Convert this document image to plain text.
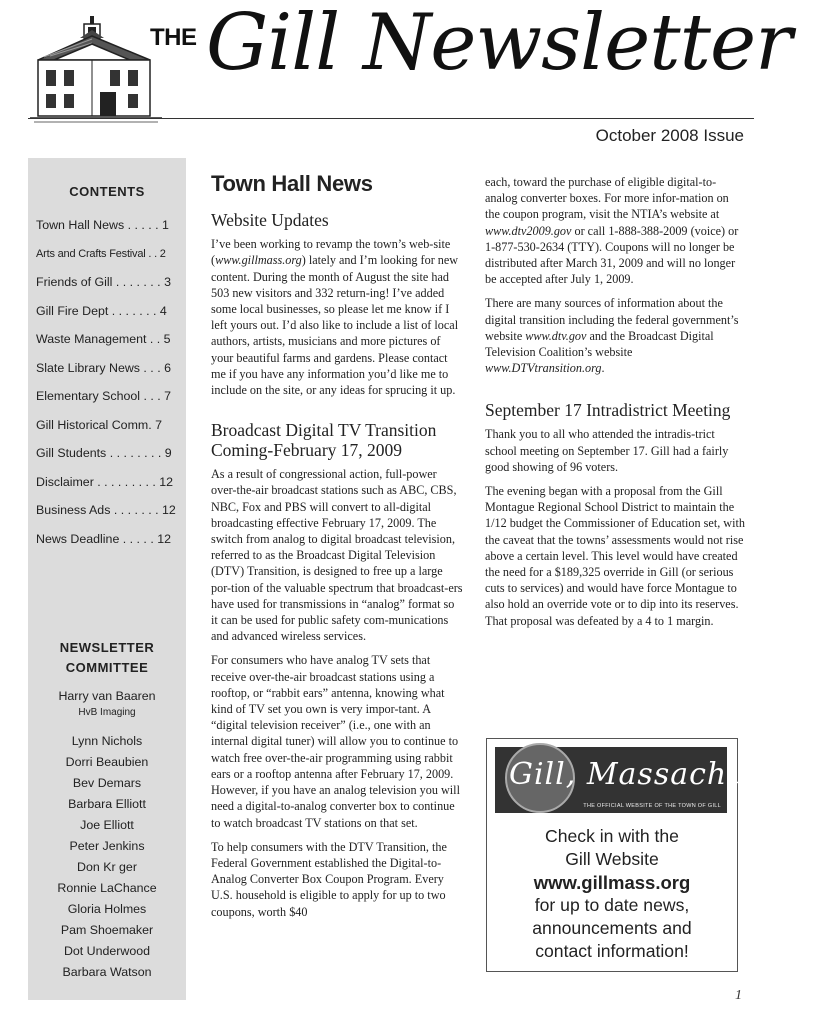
THE Gill Newsletter
October 2008 Issue
CONTENTS
Town Hall News . . . . . 1
Arts and Crafts Festival . . 2
Friends of Gill . . . . . . . 3
Gill Fire Dept . . . . . . . 4
Waste Management . . 5
Slate Library News . . . 6
Elementary School . . . 7
Gill Historical Comm. 7
Gill Students . . . . . . . . 9
Disclaimer . . . . . . . . . 12
Business Ads . . . . . . . 12
News Deadline . . . . . 12
NEWSLETTER
COMMITTEE
Harry van Baaren
HvB Imaging
Lynn Nichols
Dorri Beaubien
Bev Demars
Barbara Elliott
Joe Elliott
Peter Jenkins
Don Kr ger
Ronnie LaChance
Gloria Holmes
Pam Shoemaker
Dot Underwood
Barbara Watson
Town Hall News
Website Updates

I’ve been working to revamp the town’s web-site (www.gillmass.org) lately and I’m looking for new content. During the month of August the site had 503 new visitors and 332 return-ing! I’ve added some local businesses, so please let me know if I left yours out. I’d also like to include a list of local authors, artists, musicians and more pictures of your beautiful farms and gardens. Please contact me if you have any information you’d like me to include on the site, or any ideas for sprucing it up.

Broadcast Digital TV Transition Coming-February 17, 2009

As a result of congressional action, full-power over-the-air broadcast stations such as ABC, CBS, NBC, Fox and PBS will convert to all-digital broadcasting effective February 17, 2009. The switch from analog to digital broadcast television, referred to as the Broadcast Digital Television (DTV) Transition, is designed to free up a large por-tion of the valuable spectrum that broadcast-ers have used for transmissions in “analog” format so it can be used for public safety com-munications and advanced wireless services.

For consumers who have analog TV sets that receive over-the-air broadcast stations using a rooftop, or “rabbit ears” antenna, knowing what kind of TV set you own is very impor-tant. A “digital television receiver” (i.e., one with an internal digital tuner) will allow you to continue to watch free over-the-air programming using rabbit ears or a rooftop antenna after February 17, 2009. However, if you have an analog television you will need a digital-to-analog converter box to continue to watch broadcast TV stations on that set.

To help consumers with the DTV Transition, the Federal Government established the Digital-to-Analog Converter Box Coupon Program. Every U.S. household is eligible to apply for up to two coupons, worth $40

each, toward the purchase of eligible digital-to-analog converter boxes. For more infor-mation on the coupon program, visit the NTIA’s website at www.dtv2009.gov or call 1-888-388-2009 (voice) or 1-877-530-2634 (TTY). Coupons will no longer be distributed after March 31, 2009 and will no longer be accepted after July 1, 2009.

There are many sources of information about the digital transition including the federal government’s website www.dtv.gov and the Broadcast Digital Television Coalition’s website www.DTVtransition.org.

September 17 Intradistrict Meeting

Thank you to all who attended the intradis-trict school meeting on September 17. Gill had a fairly good showing of 96 voters.

The evening began with a proposal from the Gill Montague Regional School District to maintain the 1/12 budget the Commissioner of Education set, with the caveat that the towns’ assessments would not rise above a certain level. This level would have created the need for a $189,325 override in Gill (or serious cuts to services) and would have force Montague to also hold an override vote or to dip into its reserves. That proposal was defeated by a 4 to 1 margin.

Gill, Massachusetts
THE OFFICIAL WEBSITE OF THE TOWN OF GILL
Check in with the
Gill Website
www.gillmass.org
for up to date news,
announcements and
contact information!
1
